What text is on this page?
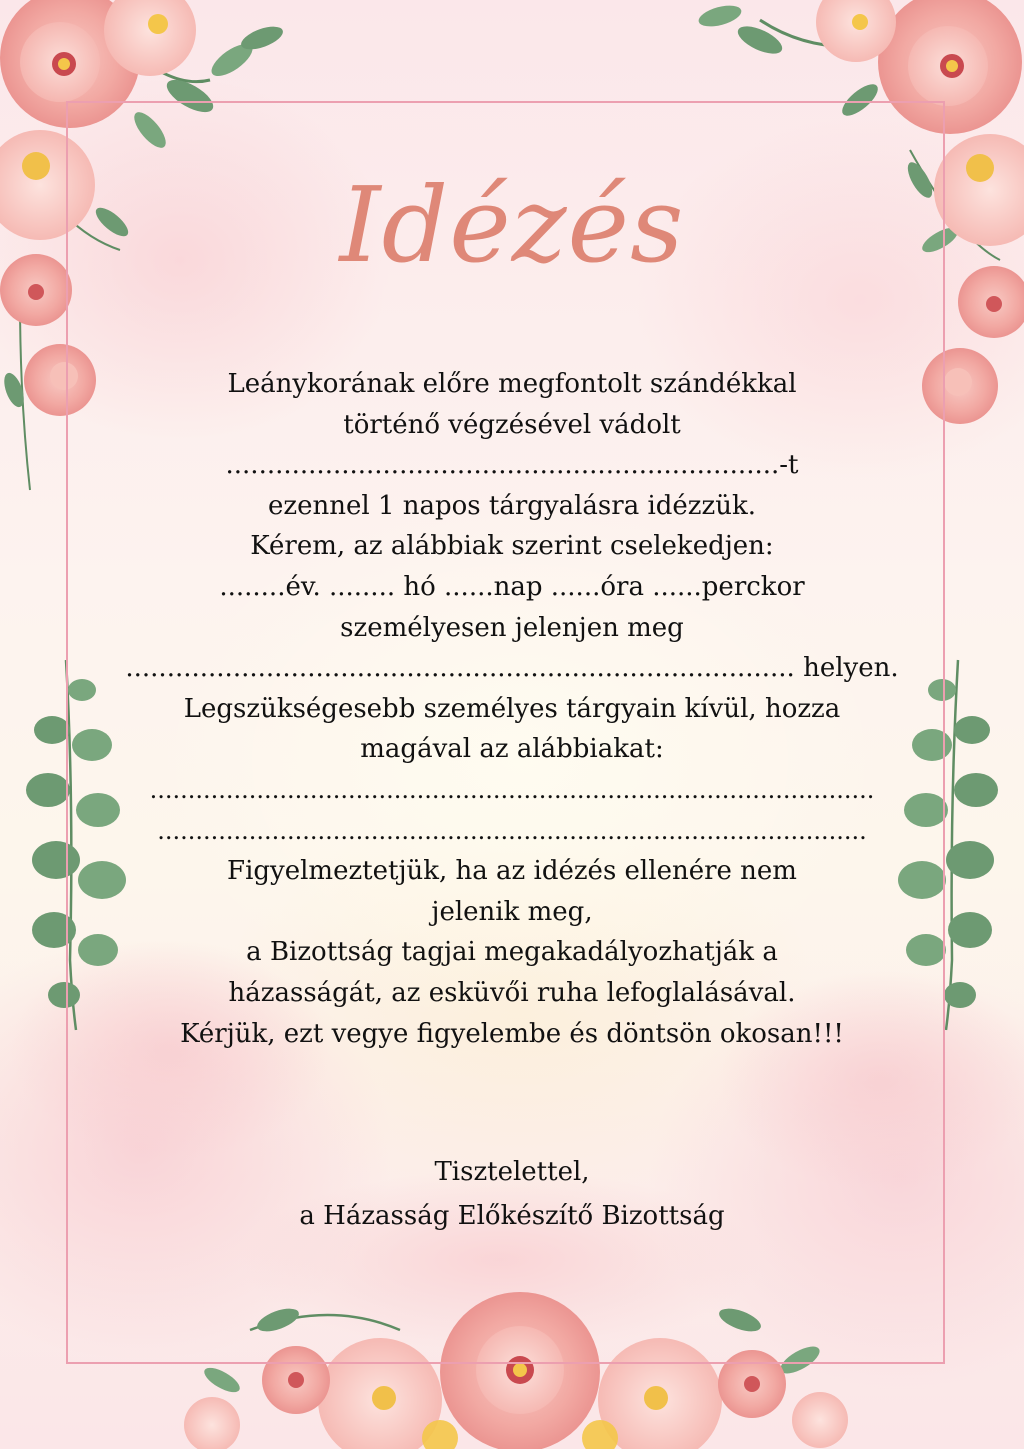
Idézés
Leánykorának előre megfontolt szándékkal
történő végzésével vádolt
...................................................................-t
ezennel 1 napos tárgyalásra idézzük.
Kérem, az alábbiak szerint cselekedjen:
........év. ........ hó ......nap ......óra ......perckor
személyesen jelenjen meg
................................................................................. helyen.
Legszükségesebb személyes tárgyain kívül, hozza
magával az alábbiakat:
...............................................................................................
.............................................................................................
Figyelmeztetjük, ha az idézés ellenére nem
jelenik meg,
a Bizottság tagjai megakadályozhatják a
házasságát, az esküvői ruha lefoglalásával.
Kérjük, ezt vegye figyelembe és döntsön okosan!!!
Tisztelettel,
a Házasság Előkészítő Bizottság
